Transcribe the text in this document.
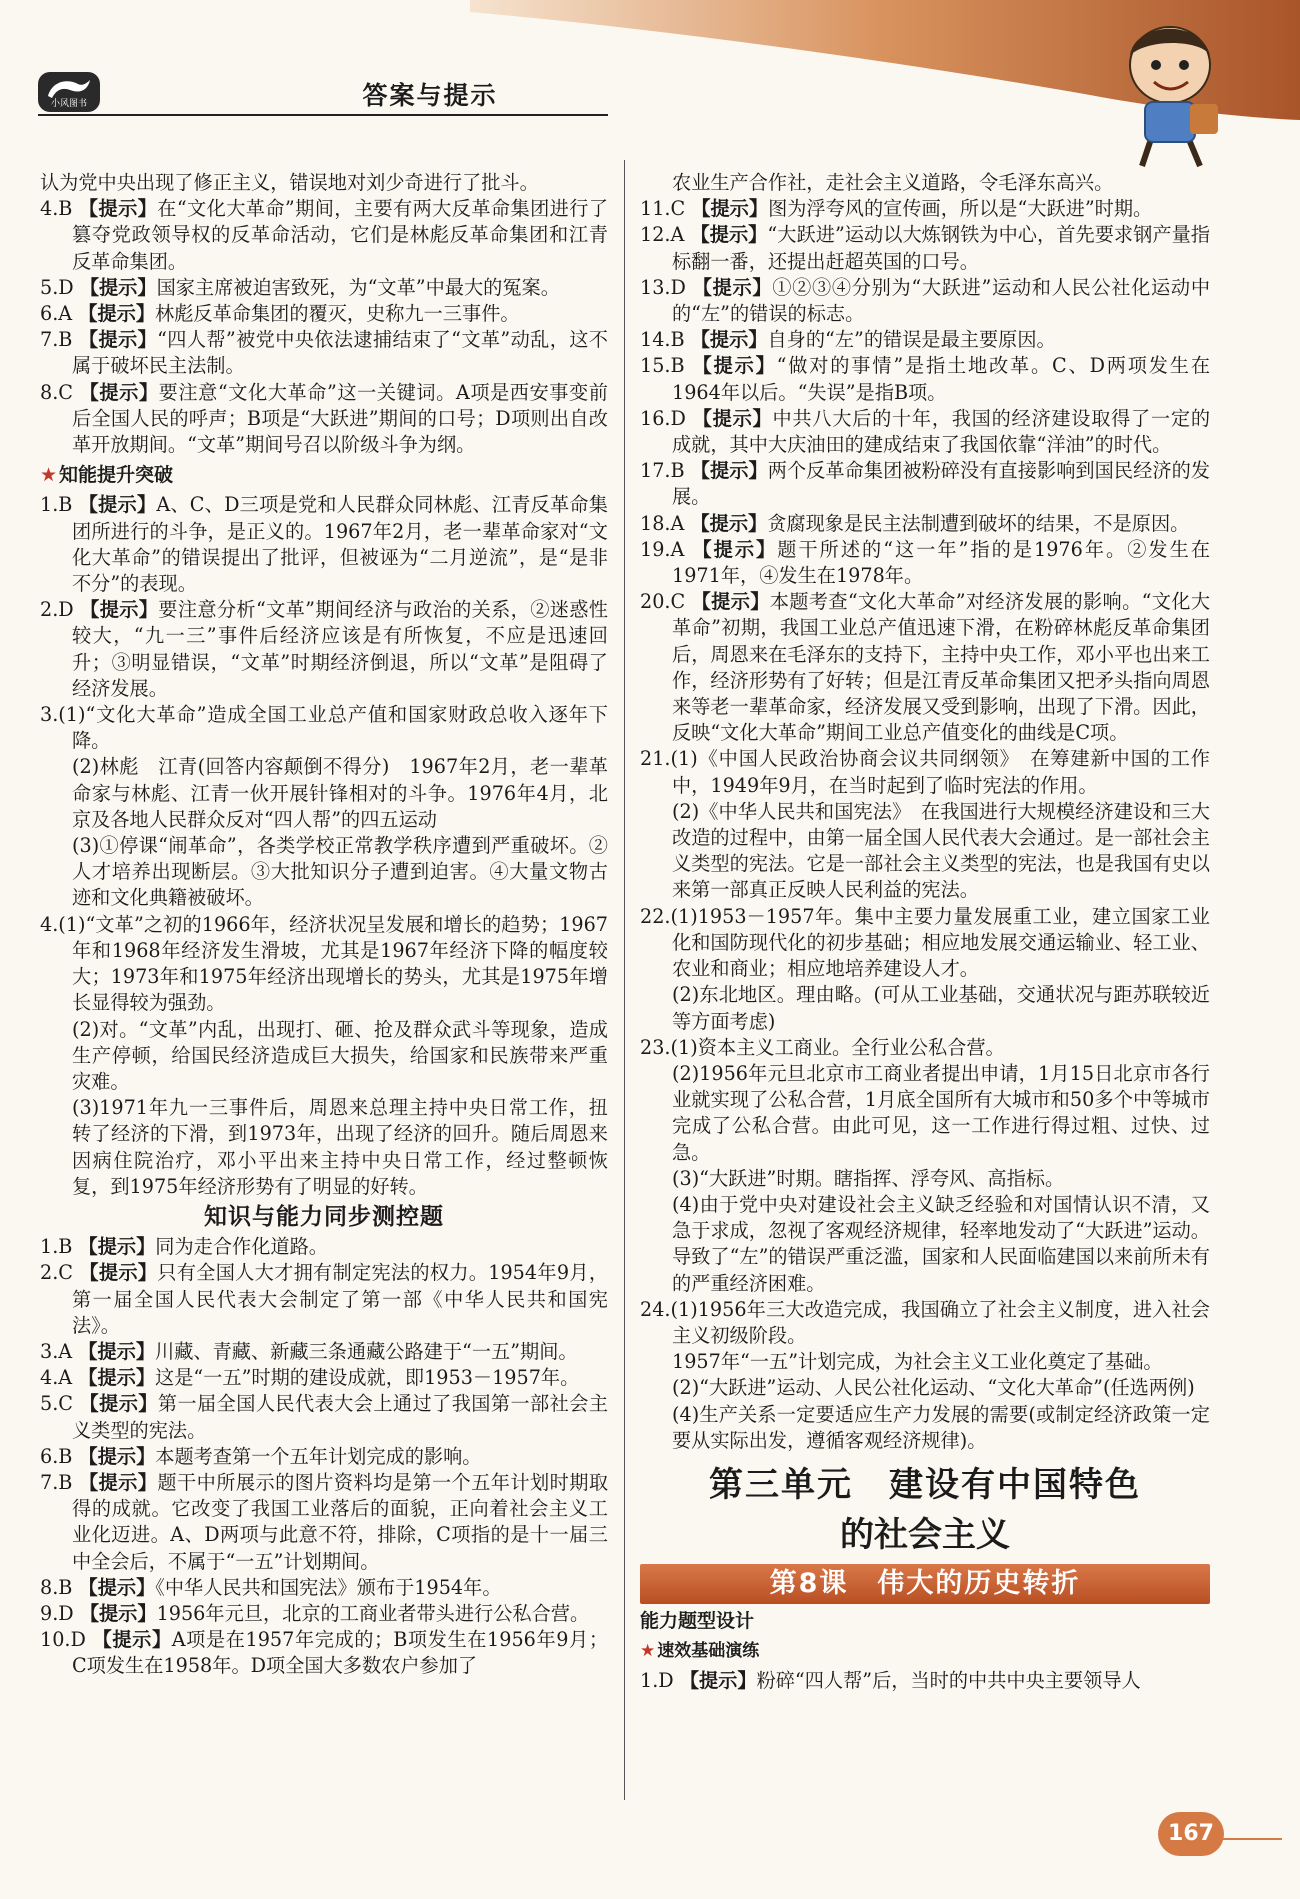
小风图书	答案与提示

认为党中央出现了修正主义，错误地对刘少奇进行了批斗。

4.B 【提示】在“文化大革命”期间，主要有两大反革命集团进行了篡夺党政领导权的反革命活动，它们是林彪反革命集团和江青反革命集团。

5.D 【提示】国家主席被迫害致死，为“文革”中最大的冤案。

6.A 【提示】林彪反革命集团的覆灭，史称九一三事件。

7.B 【提示】“四人帮”被党中央依法逮捕结束了“文革”动乱，这不属于破坏民主法制。

8.C 【提示】要注意“文化大革命”这一关键词。A项是西安事变前后全国人民的呼声；B项是“大跃进”期间的口号；D项则出自改革开放期间。“文革”期间号召以阶级斗争为纲。

★ 知能提升突破

1.B 【提示】A、C、D三项是党和人民群众同林彪、江青反革命集团所进行的斗争，是正义的。1967年2月，老一辈革命家对“文化大革命”的错误提出了批评，但被诬为“二月逆流”，是“是非不分”的表现。

2.D 【提示】要注意分析“文革”期间经济与政治的关系，②迷惑性较大，“九一三”事件后经济应该是有所恢复，不应是迅速回升；③明显错误，“文革”时期经济倒退，所以“文革”是阻碍了经济发展。

3.(1)“文化大革命”造成全国工业总产值和国家财政总收入逐年下降。

(2)林彪　江青(回答内容颠倒不得分)　1967年2月，老一辈革命家与林彪、江青一伙开展针锋相对的斗争。1976年4月，北京及各地人民群众反对“四人帮”的四五运动

(3)①停课“闹革命”，各类学校正常教学秩序遭到严重破坏。②人才培养出现断层。③大批知识分子遭到迫害。④大量文物古迹和文化典籍被破坏。

4.(1)“文革”之初的1966年，经济状况呈发展和增长的趋势；1967年和1968年经济发生滑坡，尤其是1967年经济下降的幅度较大；1973年和1975年经济出现增长的势头，尤其是1975年增长显得较为强劲。

(2)对。“文革”内乱，出现打、砸、抢及群众武斗等现象，造成生产停顿，给国民经济造成巨大损失，给国家和民族带来严重灾难。

(3)1971年九一三事件后，周恩来总理主持中央日常工作，扭转了经济的下滑，到1973年，出现了经济的回升。随后周恩来因病住院治疗，邓小平出来主持中央日常工作，经过整顿恢复，到1975年经济形势有了明显的好转。

知识与能力同步测控题

1.B 【提示】同为走合作化道路。

2.C 【提示】只有全国人大才拥有制定宪法的权力。1954年9月，第一届全国人民代表大会制定了第一部《中华人民共和国宪法》。

3.A 【提示】川藏、青藏、新藏三条通藏公路建于“一五”期间。

4.A 【提示】这是“一五”时期的建设成就，即1953－1957年。

5.C 【提示】第一届全国人民代表大会上通过了我国第一部社会主义类型的宪法。

6.B 【提示】本题考查第一个五年计划完成的影响。

7.B 【提示】题干中所展示的图片资料均是第一个五年计划时期取得的成就。它改变了我国工业落后的面貌，正向着社会主义工业化迈进。A、D两项与此意不符，排除，C项指的是十一届三中全会后，不属于“一五”计划期间。

8.B 【提示】《中华人民共和国宪法》颁布于1954年。

9.D 【提示】1956年元旦，北京的工商业者带头进行公私合营。

10.D 【提示】A项是在1957年完成的；B项发生在1956年9月；C项发生在1958年。D项全国大多数农户参加了

农业生产合作社，走社会主义道路，令毛泽东高兴。

11.C 【提示】图为浮夸风的宣传画，所以是“大跃进”时期。

12.A 【提示】“大跃进”运动以大炼钢铁为中心，首先要求钢产量指标翻一番，还提出赶超英国的口号。

13.D 【提示】①②③④分别为“大跃进”运动和人民公社化运动中的“左”的错误的标志。

14.B 【提示】自身的“左”的错误是最主要原因。

15.B 【提示】“做对的事情”是指土地改革。C、D两项发生在1964年以后。“失误”是指B项。

16.D 【提示】中共八大后的十年，我国的经济建设取得了一定的成就，其中大庆油田的建成结束了我国依靠“洋油”的时代。

17.B 【提示】两个反革命集团被粉碎没有直接影响到国民经济的发展。

18.A 【提示】贪腐现象是民主法制遭到破坏的结果，不是原因。

19.A 【提示】题干所述的“这一年”指的是1976年。②发生在1971年，④发生在1978年。

20.C 【提示】本题考查“文化大革命”对经济发展的影响。“文化大革命”初期，我国工业总产值迅速下滑，在粉碎林彪反革命集团后，周恩来在毛泽东的支持下，主持中央工作，邓小平也出来工作，经济形势有了好转；但是江青反革命集团又把矛头指向周恩来等老一辈革命家，经济发展又受到影响，出现了下滑。因此，反映“文化大革命”期间工业总产值变化的曲线是C项。

21.(1)《中国人民政治协商会议共同纲领》　在筹建新中国的工作中，1949年9月，在当时起到了临时宪法的作用。

(2)《中华人民共和国宪法》　在我国进行大规模经济建设和三大改造的过程中，由第一届全国人民代表大会通过。是一部社会主义类型的宪法。它是一部社会主义类型的宪法，也是我国有史以来第一部真正反映人民利益的宪法。

22.(1)1953－1957年。集中主要力量发展重工业，建立国家工业化和国防现代化的初步基础；相应地发展交通运输业、轻工业、农业和商业；相应地培养建设人才。

(2)东北地区。理由略。(可从工业基础，交通状况与距苏联较近等方面考虑)

23.(1)资本主义工商业。全行业公私合营。

(2)1956年元旦北京市工商业者提出申请，1月15日北京市各行业就实现了公私合营，1月底全国所有大城市和50多个中等城市完成了公私合营。由此可见，这一工作进行得过粗、过快、过急。

(3)“大跃进”时期。瞎指挥、浮夸风、高指标。

(4)由于党中央对建设社会主义缺乏经验和对国情认识不清，又急于求成，忽视了客观经济规律，轻率地发动了“大跃进”运动。导致了“左”的错误严重泛滥，国家和人民面临建国以来前所未有的严重经济困难。

24.(1)1956年三大改造完成，我国确立了社会主义制度，进入社会主义初级阶段。

1957年“一五”计划完成，为社会主义工业化奠定了基础。

(2)“大跃进”运动、人民公社化运动、“文化大革命”(任选两例)

(4)生产关系一定要适应生产力发展的需要(或制定经济政策一定要从实际出发，遵循客观经济规律)。

第三单元　建设有中国特色
的社会主义
第8课　伟大的历史转折
能力题型设计
★ 速效基础演练

1.D 【提示】粉碎“四人帮”后，当时的中共中央主要领导人

167
